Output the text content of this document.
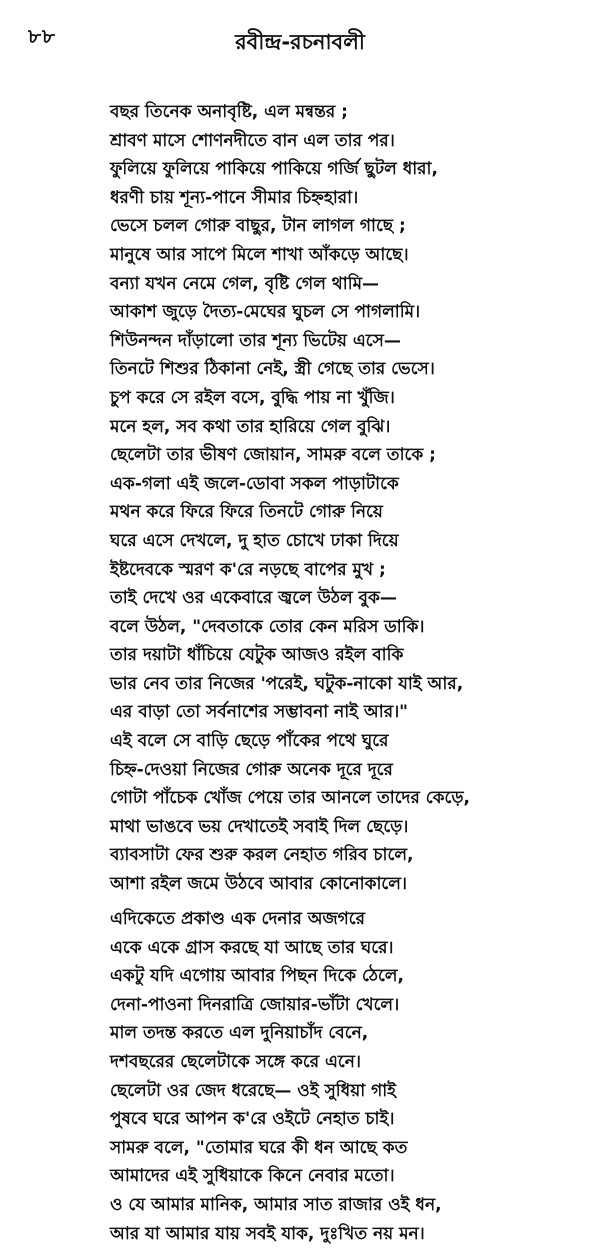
৮৮	রবীন্দ্র-রচনাবলী
বছর তিনেক অনাবৃষ্টি, এল মন্বন্তর ;
শ্রাবণ মাসে শোণনদীতে বান এল তার পর।
ফুলিয়ে ফুলিয়ে পাকিয়ে পাকিয়ে গর্জি ছুটল ধারা,
ধরণী চায় শূন্য-পানে সীমার চিহ্নহারা।
ভেসে চলল গোরু বাছুর, টান লাগল গাছে ;
মানুষে আর সাপে মিলে শাখা আঁকড়ে আছে।
বন্যা যখন নেমে গেল, বৃষ্টি গেল থামি—
আকাশ জুড়ে দৈত্য-মেঘের ঘুচল সে পাগলামি।
শিউনন্দন দাঁড়ালো তার শূন্য ভিটেয় এসে—
তিনটে শিশুর ঠিকানা নেই, স্ত্রী গেছে তার ভেসে।
চুপ করে সে রইল বসে, বুদ্ধি পায় না খুঁজি।
মনে হল, সব কথা তার হারিয়ে গেল বুঝি।
ছেলেটা তার ভীষণ জোয়ান, সামরু বলে তাকে ;
এক-গলা এই জলে-ডোবা সকল পাড়াটাকে
মথন করে ফিরে ফিরে তিনটে গোরু নিয়ে
ঘরে এসে দেখলে, দু হাত চোখে ঢাকা দিয়ে
ইষ্টদেবকে স্মরণ ক'রে নড়ছে বাপের মুখ ;
তাই দেখে ওর একেবারে জ্বলে উঠল বুক—
বলে উঠল, "দেবতাকে তোর কেন মরিস ডাকি।
তার দয়াটা ধাঁচিয়ে যেটুক আজও রইল বাকি
ভার নেব তার নিজের 'পরেই, ঘটুক-নাকো যাই আর,
এর বাড়া তো সর্বনাশের সম্ভাবনা নাই আর।"
এই বলে সে বাড়ি ছেড়ে পাঁকের পথে ঘুরে
চিহ্ন-দেওয়া নিজের গোরু অনেক দূরে দূরে
গোটা পাঁচেক খোঁজ পেয়ে তার আনলে তাদের কেড়ে,
মাথা ভাঙবে ভয় দেখাতেই সবাই দিল ছেড়ে।
ব্যাবসাটা ফের শুরু করল নেহাত গরিব চালে,
আশা রইল জমে উঠবে আবার কোনোকালে।
এদিকেতে প্রকাণ্ড এক দেনার অজগরে
একে একে গ্রাস করছে যা আছে তার ঘরে।
একটু যদি এগোয় আবার পিছন দিকে ঠেলে,
দেনা-পাওনা দিনরাত্রি জোয়ার-ভাঁটা খেলে।
মাল তদন্ত করতে এল দুনিয়াচাঁদ বেনে,
দশবছরের ছেলেটাকে সঙ্গে করে এনে।
ছেলেটা ওর জেদ ধরেছে— ওই সুধিয়া গাই
পুষবে ঘরে আপন ক'রে ওইটে নেহাত চাই।
সামরু বলে, "তোমার ঘরে কী ধন আছে কত
আমাদের এই সুধিয়াকে কিনে নেবার মতো।
ও যে আমার মানিক, আমার সাত রাজার ওই ধন,
আর যা আমার যায় সবই যাক, দুঃখিত নয় মন।
